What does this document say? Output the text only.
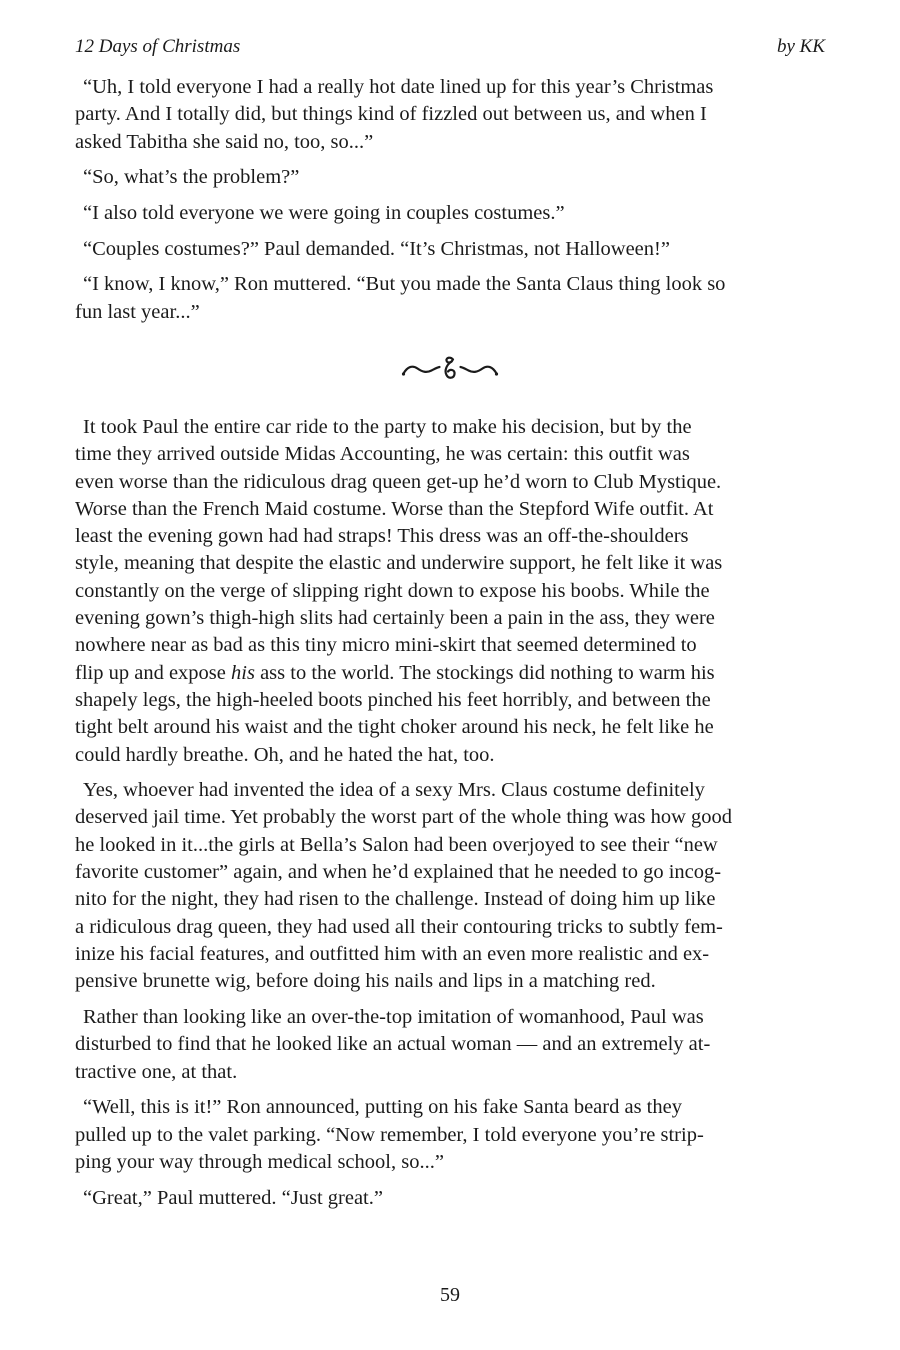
12 Days of Christmas	by KK
“Uh, I told everyone I had a really hot date lined up for this year’s Christmas
party. And I totally did, but things kind of fizzled out between us, and when I
asked Tabitha she said no, too, so...”
“So, what’s the problem?”
“I also told everyone we were going in couples costumes.”
“Couples costumes?” Paul demanded. “It’s Christmas, not Halloween!”
“I know, I know,” Ron muttered. “But you made the Santa Claus thing look so
fun last year...”
It took Paul the entire car ride to the party to make his decision, but by the
time they arrived outside Midas Accounting, he was certain: this outfit was
even worse than the ridiculous drag queen get-up he’d worn to Club Mystique.
Worse than the French Maid costume. Worse than the Stepford Wife outfit. At
least the evening gown had had straps! This dress was an off-the-shoulders
style, meaning that despite the elastic and underwire support, he felt like it was
constantly on the verge of slipping right down to expose his boobs. While the
evening gown’s thigh-high slits had certainly been a pain in the ass, they were
nowhere near as bad as this tiny micro mini-skirt that seemed determined to
flip up and expose his ass to the world. The stockings did nothing to warm his
shapely legs, the high-heeled boots pinched his feet horribly, and between the
tight belt around his waist and the tight choker around his neck, he felt like he
could hardly breathe. Oh, and he hated the hat, too.
Yes, whoever had invented the idea of a sexy Mrs. Claus costume definitely
deserved jail time. Yet probably the worst part of the whole thing was how good
he looked in it...the girls at Bella’s Salon had been overjoyed to see their “new
favorite customer” again, and when he’d explained that he needed to go incog-
nito for the night, they had risen to the challenge. Instead of doing him up like
a ridiculous drag queen, they had used all their contouring tricks to subtly fem-
inize his facial features, and outfitted him with an even more realistic and ex-
pensive brunette wig, before doing his nails and lips in a matching red.
Rather than looking like an over-the-top imitation of womanhood, Paul was
disturbed to find that he looked like an actual woman — and an extremely at-
tractive one, at that.
“Well, this is it!” Ron announced, putting on his fake Santa beard as they
pulled up to the valet parking. “Now remember, I told everyone you’re strip-
ping your way through medical school, so...”
“Great,” Paul muttered. “Just great.”
59
